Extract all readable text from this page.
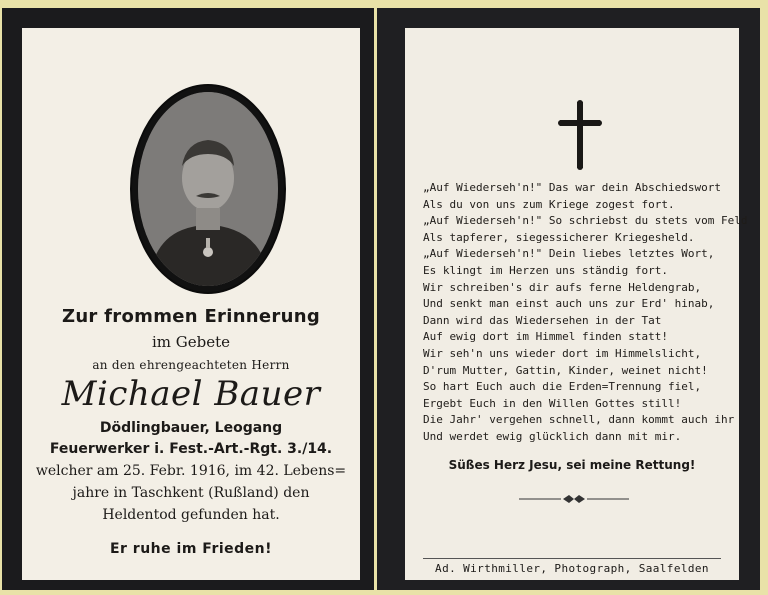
Zur frommen Erinnerung
im Gebete
an den ehrengeachteten Herrn
Michael Bauer
Dödlingbauer, Leogang
Feuerwerker i. Fest.-Art.-Rgt. 3./14.
welcher am 25. Febr. 1916, im 42. Lebens=
jahre in Taschkent (Rußland) den
Heldentod gefunden hat.
Er ruhe im Frieden!
„Auf Wiederseh'n!" Das war dein Abschiedswort
Als du von uns zum Kriege zogest fort.
„Auf Wiederseh'n!" So schriebst du stets vom Feld
Als tapferer, siegessicherer Kriegesheld.
„Auf Wiederseh'n!" Dein liebes letztes Wort,
Es klingt im Herzen uns ständig fort.
Wir schreiben's dir aufs ferne Heldengrab,
Und senkt man einst auch uns zur Erd' hinab,
Dann wird das Wiedersehen in der Tat
Auf ewig dort im Himmel finden statt!
Wir seh'n uns wieder dort im Himmelslicht,
D'rum Mutter, Gattin, Kinder, weinet nicht!
So hart Euch auch die Erden=Trennung fiel,
Ergebt Euch in den Willen Gottes still!
Die Jahr' vergehen schnell, dann kommt auch ihr
Und werdet ewig glücklich dann mit mir.
Süßes Herz Jesu, sei meine Rettung!
Ad. Wirthmiller, Photograph, Saalfelden
